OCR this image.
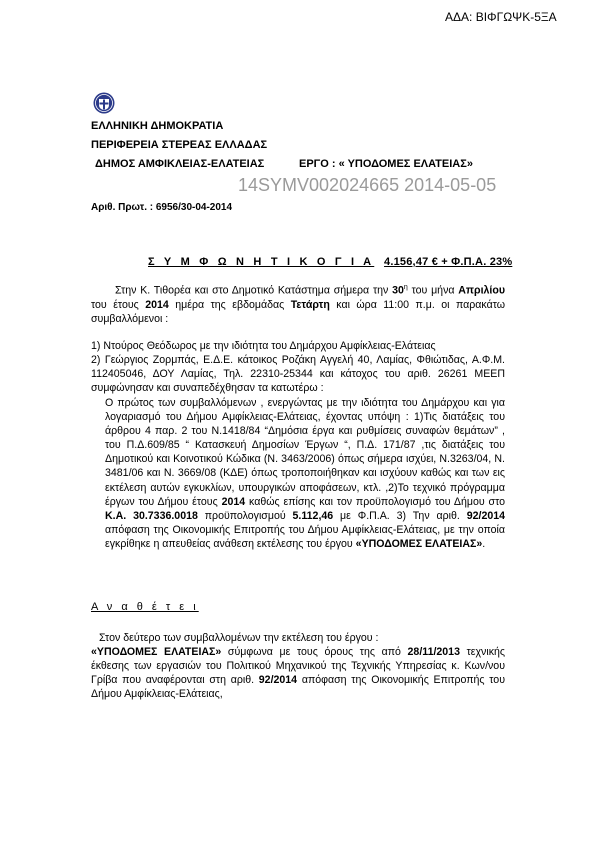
ΑΔΑ: ΒΙΦΓΩΨΚ-5ΞΑ
ΕΛΛΗΝΙΚΗ ΔΗΜΟΚΡΑΤΙΑ
ΠΕΡΙΦΕΡΕΙΑ ΣΤΕΡΕΑΣ ΕΛΛΑΔΑΣ
ΔΗΜΟΣ ΑΜΦΙΚΛΕΙΑΣ-ΕΛΑΤΕΙΑΣ	ΕΡΓΟ : « ΥΠΟΔΟΜΕΣ ΕΛΑΤΕΙΑΣ»
14SYMV002024665 2014-05-05
Αριθ. Πρωτ. : 6956/30-04-2014
Σ Υ Μ Φ Ω Ν Η Τ Ι Κ Ο Γ Ι Α 4.156,47 € + Φ.Π.Α. 23%
Στην Κ. Τιθορέα και στο Δημοτικό Κατάστημα σήμερα την $30^\eta$ του μήνα Απριλίου του έτους 2014 ημέρα της εβδομάδας Τετάρτη και ώρα 11:00 π.μ. οι παρακάτω συμβαλλόμενοι :
1) Ντούρος Θεόδωρος με την ιδιότητα του Δημάρχου Αμφίκλειας-Ελάτειας
2) Γεώργιος Ζορμπάς, Ε.Δ.Ε. κάτοικος Ροζάκη Αγγελή 40, Λαμίας, Φθιώτιδας, Α.Φ.Μ. 112405046, ΔΟΥ Λαμίας, Τηλ. 22310-25344 και κάτοχος του αριθ. 26261 ΜΕΕΠ συμφώνησαν και συναπεδέχθησαν τα κατωτέρω :
Ο πρώτος των συμβαλλόμενων , ενεργώντας με την ιδιότητα του Δημάρχου και για λογαριασμό του Δήμου Αμφίκλειας-Ελάτειας, έχοντας υπόψη : 1)Τις διατάξεις του άρθρου 4 παρ. 2 του Ν.1418/84 “Δημόσια έργα και ρυθμίσεις συναφών θεμάτων” , του Π.Δ.609/85 “ Κατασκευή Δημοσίων Έργων “, Π.Δ. 171/87 ,τις διατάξεις του Δημοτικού και Κοινοτικού Κώδικα (Ν. 3463/2006) όπως σήμερα ισχύει, Ν.3263/04, Ν. 3481/06 και Ν. 3669/08 (ΚΔΕ) όπως τροποποιήθηκαν και ισχύουν καθώς και των εις εκτέλεση αυτών εγκυκλίων, υπουργικών αποφάσεων, κτλ. ,2)Το τεχνικό πρόγραμμα έργων του Δήμου έτους 2014 καθώς επίσης και τον προϋπολογισμό του Δήμου στο Κ.Α. 30.7336.0018 προϋπολογισμού 5.112,46 με Φ.Π.Α. 3) Την αριθ. 92/2014 απόφαση της Οικονομικής Επιτροπής του Δήμου Αμφίκλειας-Ελάτειας, με την οποία εγκρίθηκε η απευθείας ανάθεση εκτέλεσης του έργου «ΥΠΟΔΟΜΕΣ ΕΛΑΤΕΙΑΣ».
Α ν α θ έ τ ε ι
Στον δεύτερο των συμβαλλομένων την εκτέλεση του έργου :
«ΥΠΟΔΟΜΕΣ ΕΛΑΤΕΙΑΣ» σύμφωνα με τους όρους της από 28/11/2013 τεχνικής έκθεσης των εργασιών του Πολιτικού Μηχανικού της Τεχνικής Υπηρεσίας κ. Κων/νου Γρίβα που αναφέρονται στη αριθ. 92/2014 απόφαση της Οικονομικής Επιτροπής του Δήμου Αμφίκλειας-Ελάτειας,
